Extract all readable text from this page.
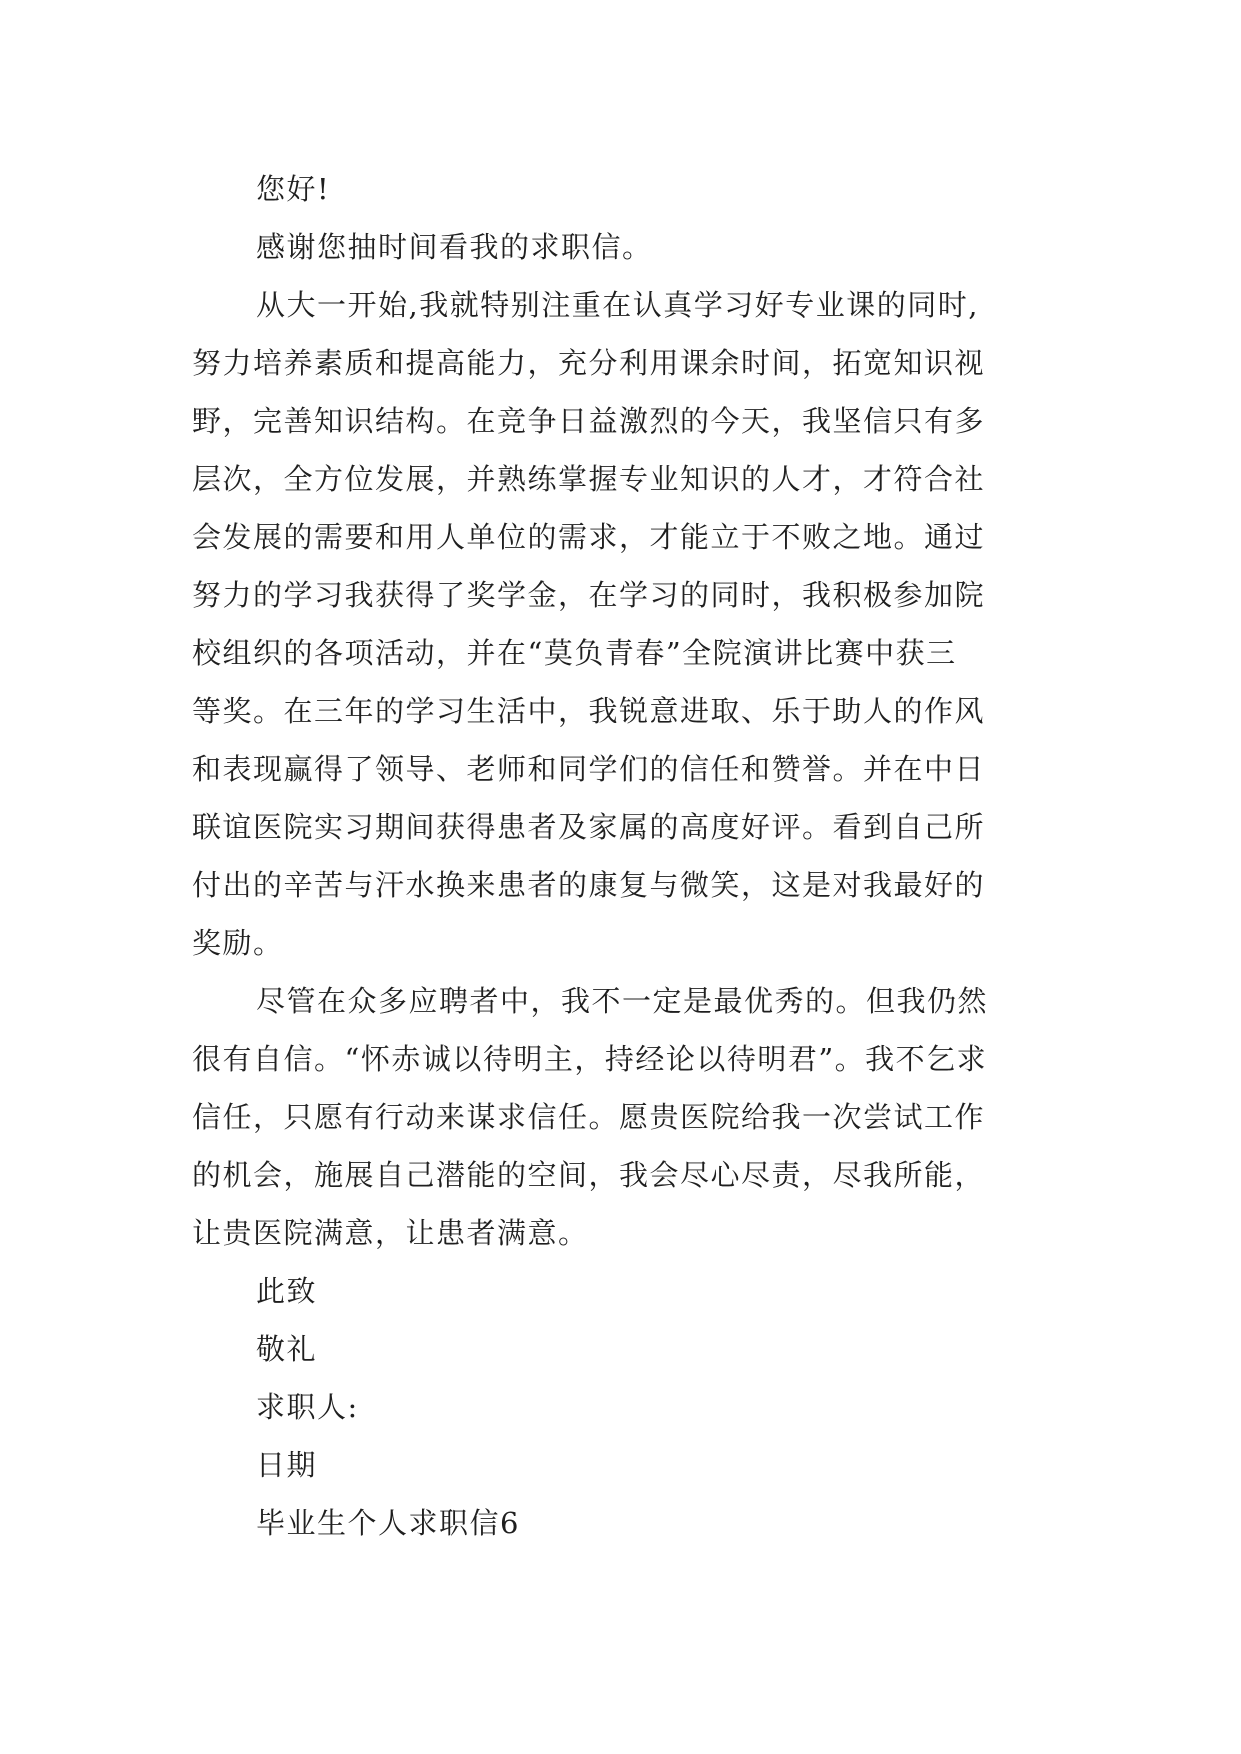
您好!
感谢您抽时间看我的求职信。
从大一开始,我就特别注重在认真学习好专业课的同时,
努力培养素质和提高能力，充分利用课余时间，拓宽知识视
野，完善知识结构。在竞争日益激烈的今天，我坚信只有多
层次，全方位发展，并熟练掌握专业知识的人才，才符合社
会发展的需要和用人单位的需求，才能立于不败之地。通过
努力的学习我获得了奖学金，在学习的同时，我积极参加院
校组织的各项活动，并在“莫负青春”全院演讲比赛中获三
等奖。在三年的学习生活中，我锐意进取、乐于助人的作风
和表现赢得了领导、老师和同学们的信任和赞誉。并在中日
联谊医院实习期间获得患者及家属的高度好评。看到自己所
付出的辛苦与汗水换来患者的康复与微笑，这是对我最好的
奖励。
尽管在众多应聘者中，我不一定是最优秀的。但我仍然
很有自信。“怀赤诚以待明主，持经论以待明君”。我不乞求
信任，只愿有行动来谋求信任。愿贵医院给我一次尝试工作
的机会，施展自己潜能的空间，我会尽心尽责，尽我所能，
让贵医院满意，让患者满意。
此致
敬礼
求职人:
日期
毕业生个人求职信6
